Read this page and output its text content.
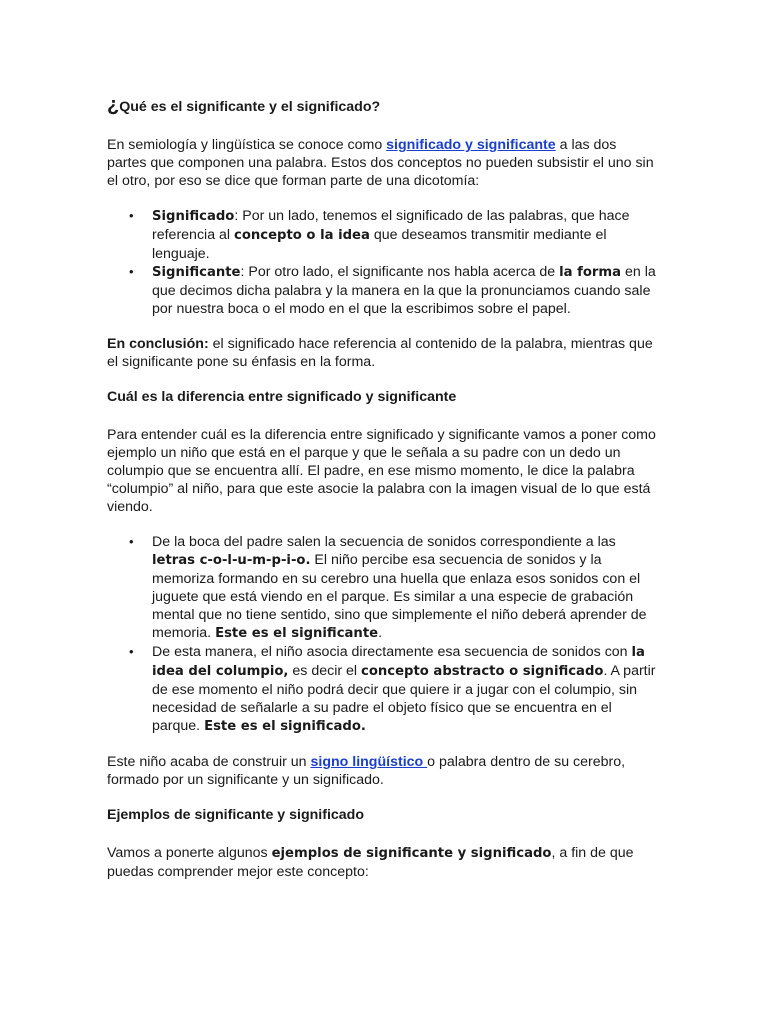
¿Qué es el significante y el significado?

En semiología y lingüística se conoce como significado y significante a las dos partes que componen una palabra. Estos dos conceptos no pueden subsistir el uno sin el otro, por eso se dice que forman parte de una dicotomía:

• Significado: Por un lado, tenemos el significado de las palabras, que hace referencia al concepto o la idea que deseamos transmitir mediante el lenguaje.
• Significante: Por otro lado, el significante nos habla acerca de la forma en la que decimos dicha palabra y la manera en la que la pronunciamos cuando sale por nuestra boca o el modo en el que la escribimos sobre el papel.

En conclusión: el significado hace referencia al contenido de la palabra, mientras que el significante pone su énfasis en la forma.

Cuál es la diferencia entre significado y significante

Para entender cuál es la diferencia entre significado y significante vamos a poner como ejemplo un niño que está en el parque y que le señala a su padre con un dedo un columpio que se encuentra allí. El padre, en ese mismo momento, le dice la palabra “columpio” al niño, para que este asocie la palabra con la imagen visual de lo que está viendo.

• De la boca del padre salen la secuencia de sonidos correspondiente a las letras c-o-l-u-m-p-i-o. El niño percibe esa secuencia de sonidos y la memoriza formando en su cerebro una huella que enlaza esos sonidos con el juguete que está viendo en el parque. Es similar a una especie de grabación mental que no tiene sentido, sino que simplemente el niño deberá aprender de memoria. Este es el significante.
• De esta manera, el niño asocia directamente esa secuencia de sonidos con la idea del columpio, es decir el concepto abstracto o significado. A partir de ese momento el niño podrá decir que quiere ir a jugar con el columpio, sin necesidad de señalarle a su padre el objeto físico que se encuentra en el parque. Este es el significado.

Este niño acaba de construir un signo lingüístico o palabra dentro de su cerebro, formado por un significante y un significado.

Ejemplos de significante y significado

Vamos a ponerte algunos ejemplos de significante y significado, a fin de que puedas comprender mejor este concepto:
